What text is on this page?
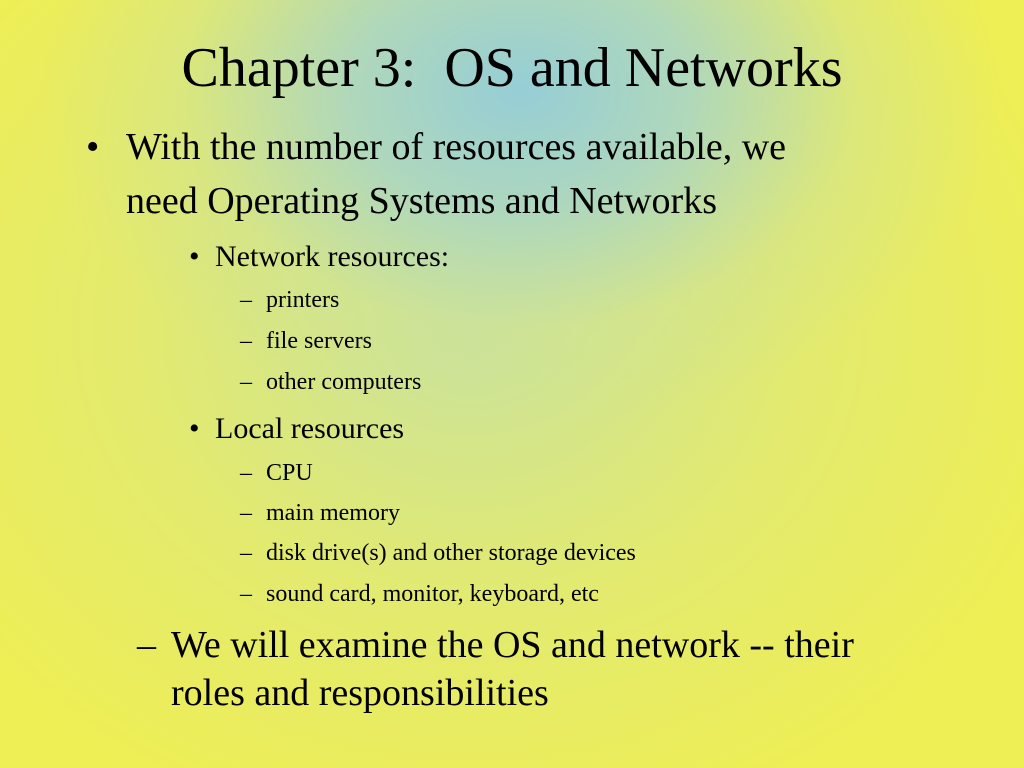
Chapter 3:  OS and Networks

• With the number of resources available, we

need Operating Systems and Networks

• Network resources:

– printers

– file servers

– other computers

• Local resources

– CPU

– main memory

– disk drive(s) and other storage devices

– sound card, monitor, keyboard, etc

– We will examine the OS and network -- their

roles and responsibilities
